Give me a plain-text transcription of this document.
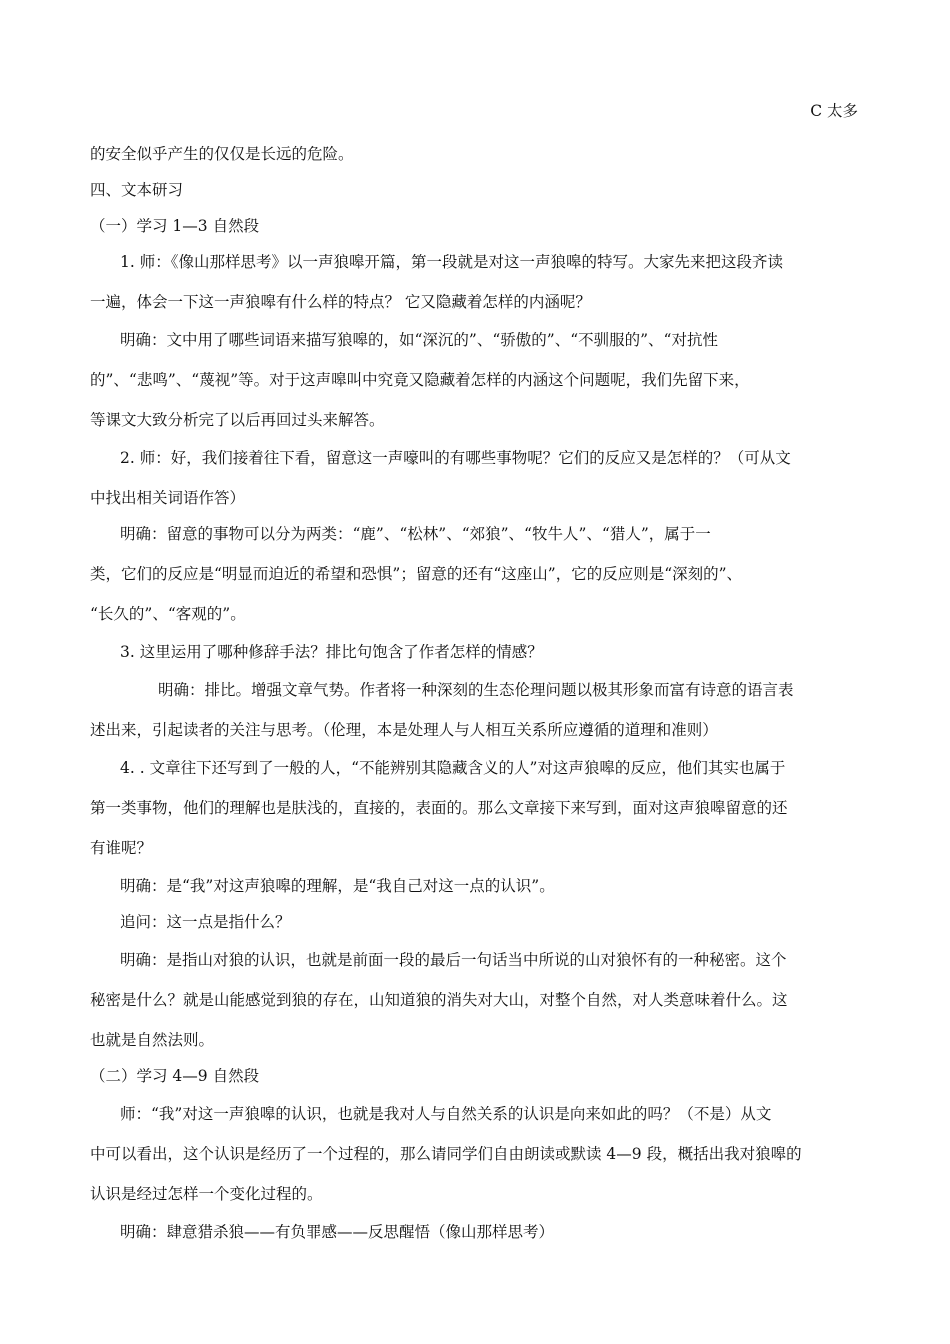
C 太多
的安全似乎产生的仅仅是长远的危险。
四、文本研习
（一）学习 1—3 自然段
1. 师：《像山那样思考》以一声狼嗥开篇，第一段就是对这一声狼嗥的特写。大家先来把这段齐读
一遍，体会一下这一声狼嗥有什么样的特点？ 它又隐藏着怎样的内涵呢？
明确：文中用了哪些词语来描写狼嗥的，如“深沉的”、“骄傲的”、“不驯服的”、“对抗性
的”、“悲鸣”、“蔑视”等。对于这声嗥叫中究竟又隐藏着怎样的内涵这个问题呢，我们先留下来，
等课文大致分析完了以后再回过头来解答。
2. 师：好，我们接着往下看，留意这一声嚎叫的有哪些事物呢？它们的反应又是怎样的？（可从文
中找出相关词语作答）
明确：留意的事物可以分为两类：“鹿”、“松林”、“郊狼”、“牧牛人”、“猎人”，属于一
类，它们的反应是“明显而迫近的希望和恐惧”；留意的还有“这座山”，它的反应则是“深刻的”、
“长久的”、“客观的”。
3. 这里运用了哪种修辞手法？排比句饱含了作者怎样的情感？
明确：排比。增强文章气势。作者将一种深刻的生态伦理问题以极其形象而富有诗意的语言表
述出来，引起读者的关注与思考。（伦理，本是处理人与人相互关系所应遵循的道理和准则）
4. . 文章往下还写到了一般的人，“不能辨别其隐藏含义的人”对这声狼嗥的反应，他们其实也属于
第一类事物，他们的理解也是肤浅的，直接的，表面的。那么文章接下来写到，面对这声狼嗥留意的还
有谁呢？
明确：是“我”对这声狼嗥的理解，是“我自己对这一点的认识”。
追问：这一点是指什么？
明确：是指山对狼的认识，也就是前面一段的最后一句话当中所说的山对狼怀有的一种秘密。这个
秘密是什么？就是山能感觉到狼的存在，山知道狼的消失对大山，对整个自然，对人类意味着什么。这
也就是自然法则。
（二）学习 4—9 自然段
师：“我”对这一声狼嗥的认识，也就是我对人与自然关系的认识是向来如此的吗？（不是）从文
中可以看出，这个认识是经历了一个过程的，那么请同学们自由朗读或默读 4—9 段，概括出我对狼嗥的
认识是经过怎样一个变化过程的。
明确：肆意猎杀狼——有负罪感——反思醒悟（像山那样思考）
